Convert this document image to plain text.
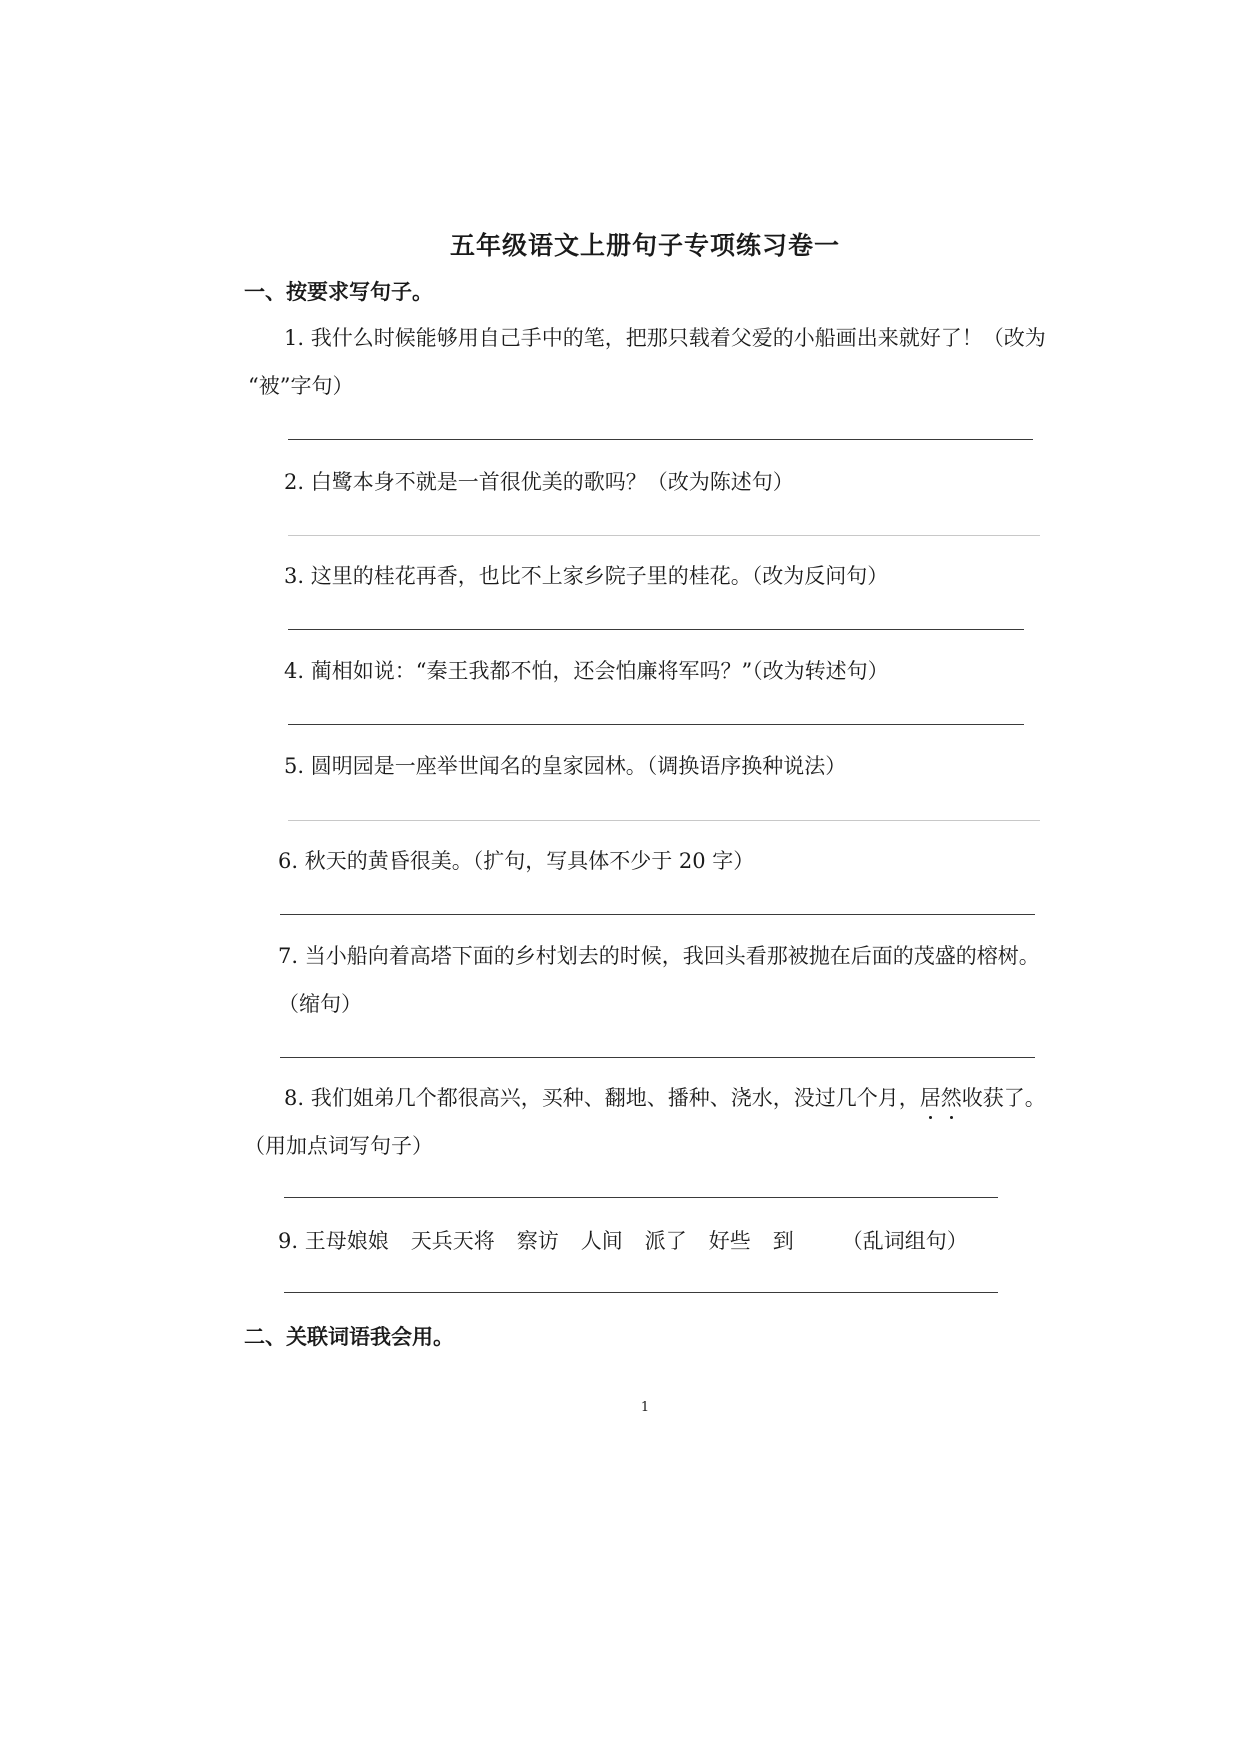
五年级语文上册句子专项练习卷一
一、按要求写句子。
1. 我什么时候能够用自己手中的笔，把那只载着父爱的小船画出来就好了！（改为
“被”字句）
2. 白鹭本身不就是一首很优美的歌吗？（改为陈述句）
3. 这里的桂花再香，也比不上家乡院子里的桂花。（改为反问句）
4. 蔺相如说：“秦王我都不怕，还会怕廉将军吗？”（改为转述句）
5. 圆明园是一座举世闻名的皇家园林。（调换语序换种说法）
6. 秋天的黄昏很美。（扩句，写具体不少于 20 字）
7. 当小船向着高塔下面的乡村划去的时候，我回头看那被抛在后面的茂盛的榕树。
（缩句）
8. 我们姐弟几个都很高兴，买种、翻地、播种、浇水，没过几个月，居然收获了。
（用加点词写句子）
9. 王母娘娘 天兵天将 察访 人间 派了 好些 到 （乱词组句）
二、关联词语我会用。
1
